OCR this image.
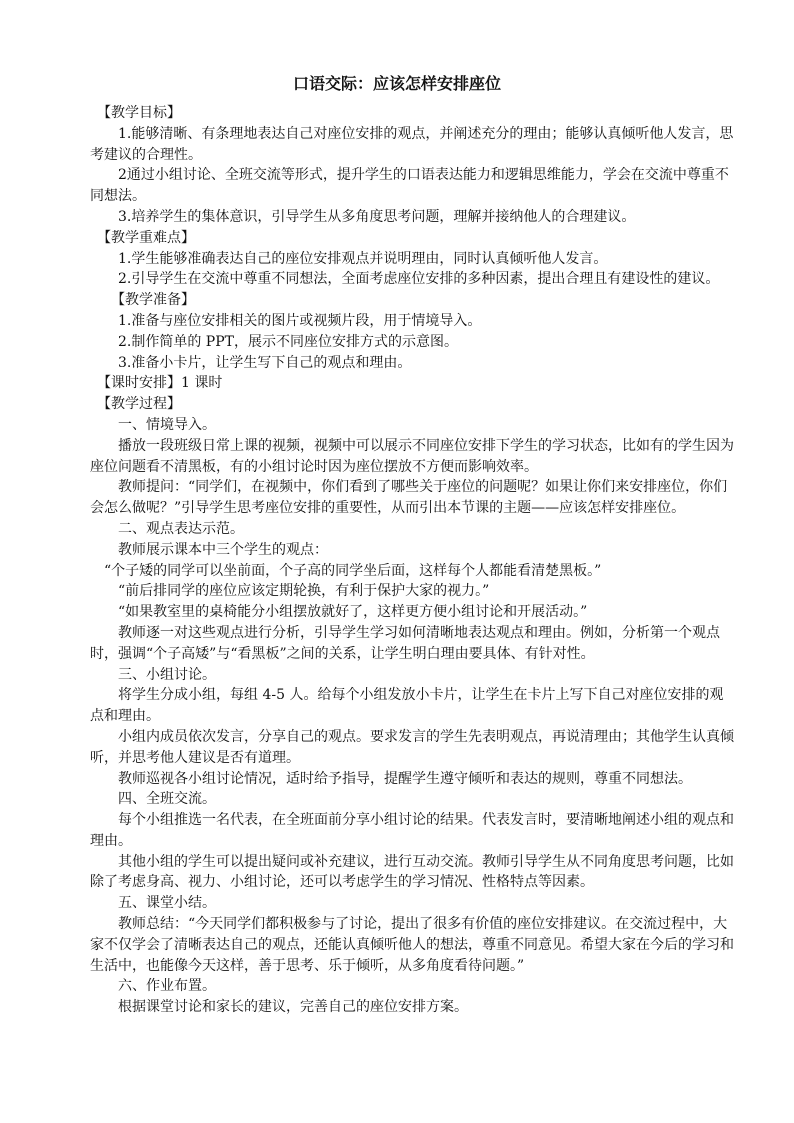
口语交际：应该怎样安排座位

　【教学目标】

　　1.能够清晰、有条理地表达自己对座位安排的观点，并阐述充分的理由；能够认真倾听他人发言，思考建议的合理性。

　　2通过小组讨论、全班交流等形式，提升学生的口语表达能力和逻辑思维能力，学会在交流中尊重不同想法。

　　3.培养学生的集体意识，引导学生从多角度思考问题，理解并接纳他人的合理建议。

　【教学重难点】

　　1.学生能够准确表达自己的座位安排观点并说明理由，同时认真倾听他人发言。

　　2.引导学生在交流中尊重不同想法，全面考虑座位安排的多种因素，提出合理且有建设性的建议。

　　【教学准备】

　　1.准备与座位安排相关的图片或视频片段，用于情境导入。

　　2.制作简单的 PPT，展示不同座位安排方式的示意图。

　　3.准备小卡片，让学生写下自己的观点和理由。

　【课时安排】1 课时

　【教学过程】

　　一、情境导入。

　　播放一段班级日常上课的视频，视频中可以展示不同座位安排下学生的学习状态，比如有的学生因为座位问题看不清黑板，有的小组讨论时因为座位摆放不方便而影响效率。

　　教师提问：“同学们，在视频中，你们看到了哪些关于座位的问题呢？如果让你们来安排座位，你们会怎么做呢？”引导学生思考座位安排的重要性，从而引出本节课的主题——应该怎样安排座位。

　　二、观点表达示范。

　　教师展示课本中三个学生的观点：

　“个子矮的同学可以坐前面，个子高的同学坐后面，这样每个人都能看清楚黑板。”

　　“前后排同学的座位应该定期轮换，有利于保护大家的视力。”

　　“如果教室里的桌椅能分小组摆放就好了，这样更方便小组讨论和开展活动。”

　　教师逐一对这些观点进行分析，引导学生学习如何清晰地表达观点和理由。例如，分析第一个观点时，强调“个子高矮”与“看黑板”之间的关系，让学生明白理由要具体、有针对性。

　　三、小组讨论。

　　将学生分成小组，每组 4-5 人。给每个小组发放小卡片，让学生在卡片上写下自己对座位安排的观点和理由。

　　小组内成员依次发言，分享自己的观点。要求发言的学生先表明观点，再说清理由；其他学生认真倾听，并思考他人建议是否有道理。

　　教师巡视各小组讨论情况，适时给予指导，提醒学生遵守倾听和表达的规则，尊重不同想法。

　　四、全班交流。

　　每个小组推选一名代表，在全班面前分享小组讨论的结果。代表发言时，要清晰地阐述小组的观点和理由。

　　其他小组的学生可以提出疑问或补充建议，进行互动交流。教师引导学生从不同角度思考问题，比如除了考虑身高、视力、小组讨论，还可以考虑学生的学习情况、性格特点等因素。

　　五、课堂小结。

　　教师总结：“今天同学们都积极参与了讨论，提出了很多有价值的座位安排建议。在交流过程中，大家不仅学会了清晰表达自己的观点，还能认真倾听他人的想法，尊重不同意见。希望大家在今后的学习和生活中，也能像今天这样，善于思考、乐于倾听，从多角度看待问题。”

　　六、作业布置。

　　根据课堂讨论和家长的建议，完善自己的座位安排方案。
